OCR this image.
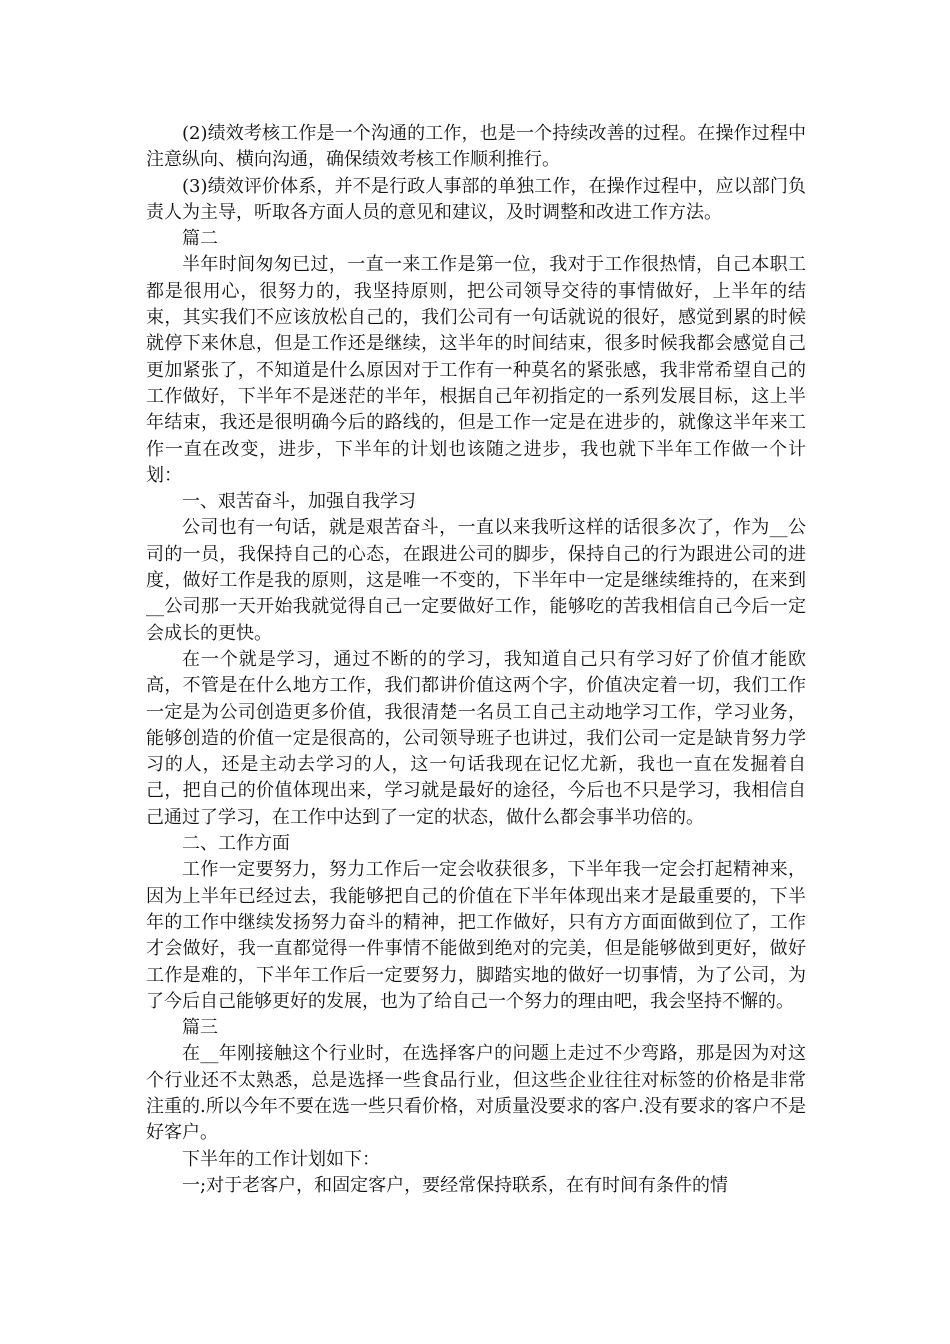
(2)绩效考核工作是一个沟通的工作，也是一个持续改善的过程。在操作过程中注意纵向、横向沟通，确保绩效考核工作顺利推行。

(3)绩效评价体系，并不是行政人事部的单独工作，在操作过程中，应以部门负责人为主导，听取各方面人员的意见和建议，及时调整和改进工作方法。

篇二

半年时间匆匆已过，一直一来工作是第一位，我对于工作很热情，自己本职工都是很用心，很努力的，我坚持原则，把公司领导交待的事情做好，上半年的结束，其实我们不应该放松自己的，我们公司有一句话就说的很好，感觉到累的时候就停下来休息，但是工作还是继续，这半年的时间结束，很多时候我都会感觉自己更加紧张了，不知道是什么原因对于工作有一种莫名的紧张感，我非常希望自己的工作做好，下半年不是迷茫的半年，根据自己年初指定的一系列发展目标，这上半年结束，我还是很明确今后的路线的，但是工作一定是在进步的，就像这半年来工作一直在改变，进步，下半年的计划也该随之进步，我也就下半年工作做一个计划：

一、艰苦奋斗，加强自我学习

公司也有一句话，就是艰苦奋斗，一直以来我听这样的话很多次了，作为__公司的一员，我保持自己的心态，在跟进公司的脚步，保持自己的行为跟进公司的进度，做好工作是我的原则，这是唯一不变的，下半年中一定是继续维持的，在来到__公司那一天开始我就觉得自己一定要做好工作，能够吃的苦我相信自己今后一定会成长的更快。

在一个就是学习，通过不断的的学习，我知道自己只有学习好了价值才能欧高，不管是在什么地方工作，我们都讲价值这两个字，价值决定着一切，我们工作一定是为公司创造更多价值，我很清楚一名员工自己主动地学习工作，学习业务，能够创造的价值一定是很高的，公司领导班子也讲过，我们公司一定是缺肯努力学习的人，还是主动去学习的人，这一句话我现在记忆尤新，我也一直在发掘着自己，把自己的价值体现出来，学习就是最好的途径，今后也不只是学习，我相信自己通过了学习，在工作中达到了一定的状态，做什么都会事半功倍的。

二、工作方面

工作一定要努力，努力工作后一定会收获很多，下半年我一定会打起精神来，因为上半年已经过去，我能够把自己的价值在下半年体现出来才是最重要的，下半年的工作中继续发扬努力奋斗的精神，把工作做好，只有方方面面做到位了，工作才会做好，我一直都觉得一件事情不能做到绝对的完美，但是能够做到更好，做好工作是难的，下半年工作后一定要努力，脚踏实地的做好一切事情，为了公司，为了今后自己能够更好的发展，也为了给自己一个努力的理由吧，我会坚持不懈的。

篇三

在__年刚接触这个行业时，在选择客户的问题上走过不少弯路，那是因为对这个行业还不太熟悉，总是选择一些食品行业，但这些企业往往对标签的价格是非常注重的.所以今年不要在选一些只看价格，对质量没要求的客户.没有要求的客户不是好客户。

下半年的工作计划如下：

一;对于老客户，和固定客户，要经常保持联系，在有时间有条件的情
